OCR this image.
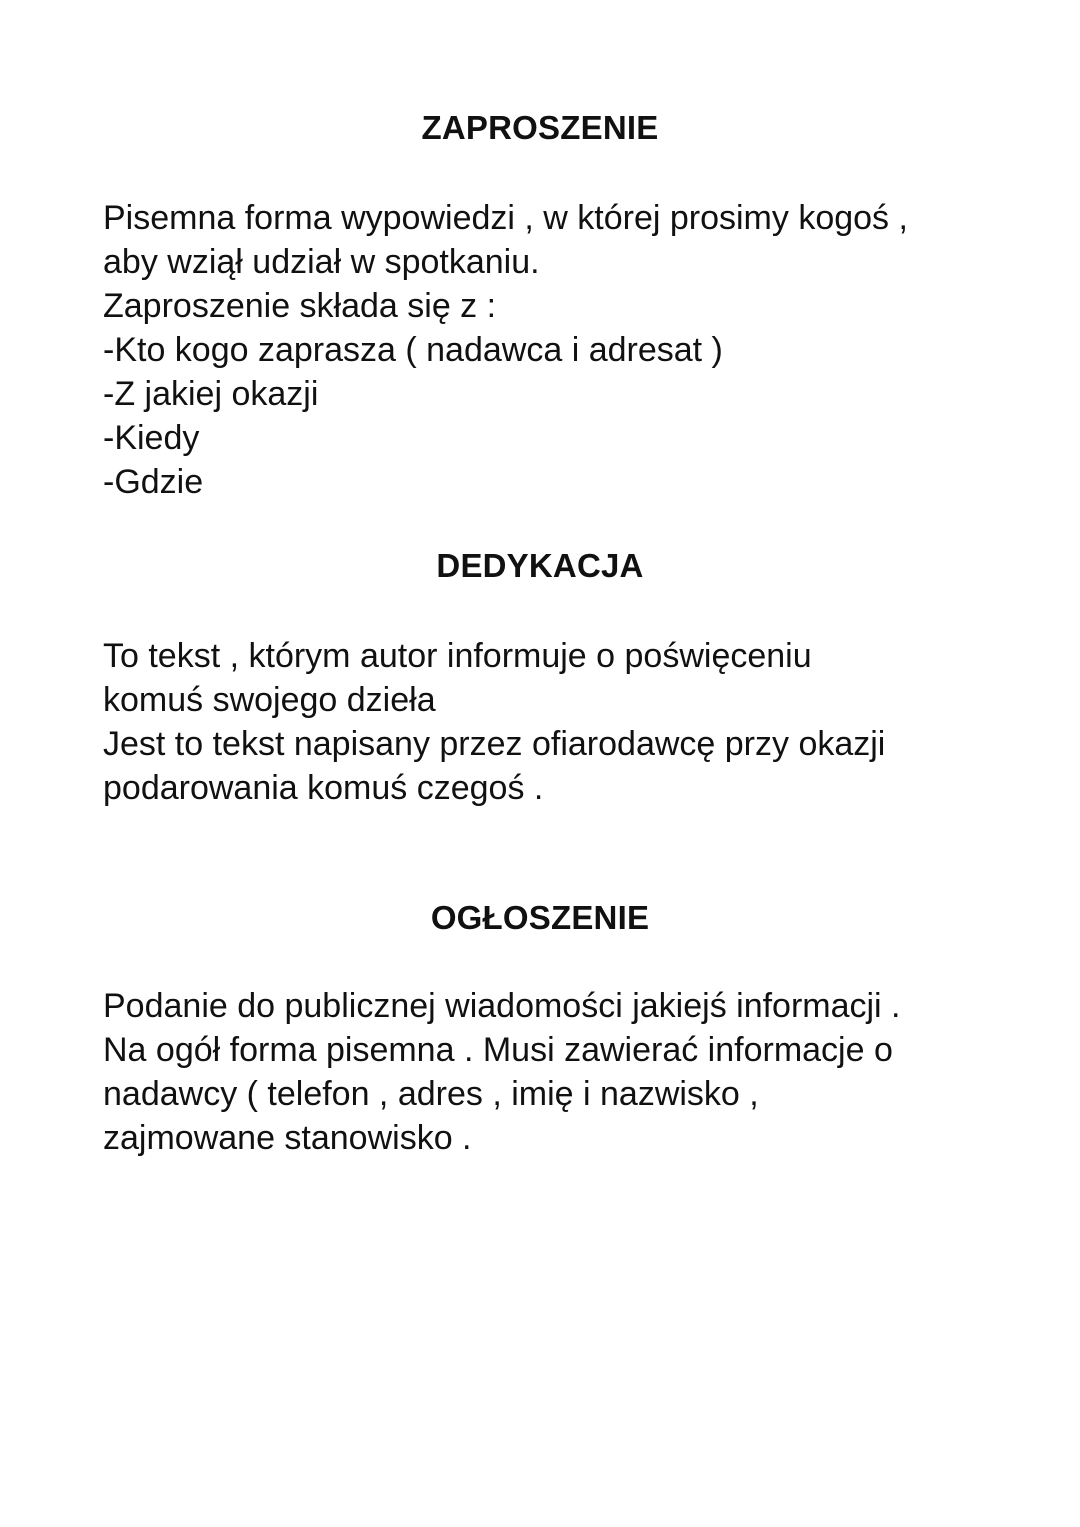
ZAPROSZENIE

Pisemna forma wypowiedzi , w której prosimy kogoś ,
aby wziął udział w spotkaniu.
Zaproszenie składa się z :
-Kto kogo zaprasza ( nadawca i adresat )
-Z jakiej okazji
-Kiedy
-Gdzie

DEDYKACJA

To tekst , którym autor informuje o poświęceniu
komuś swojego dzieła
Jest to tekst napisany przez ofiarodawcę przy okazji
podarowania komuś czegoś .

OGŁOSZENIE

Podanie do publicznej wiadomości jakiejś informacji .
Na ogół forma pisemna . Musi zawierać informacje o
nadawcy ( telefon , adres , imię i nazwisko ,
zajmowane stanowisko .
